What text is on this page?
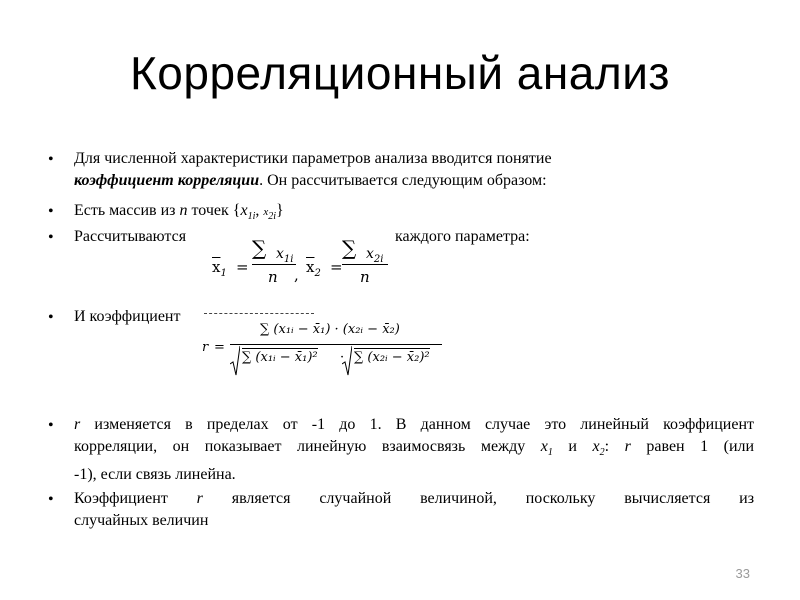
Корреляционный анализ
• Для численной характеристики параметров анализа вводится понятие
коэффициент корреляции. Он рассчитывается следующим образом:
• Есть массив из n точек {$x_{1i}$, $x_{2i}$}
• Рассчитываются	каждого параметра:
$\overline{x}_1$ =
∑ $x_{1i}$
n , $\overline{x}_2$ =
∑ $x_{2i}$
n
• И коэффициент
r =
∑ (x₁ᵢ − x̄₁) · (x₂ᵢ − x̄₂)
∑ (x₁ᵢ − x̄₁)² · ∑ (x₂ᵢ − x̄₂)²
• r изменяется в пределах от -1 до 1. В данном случае это линейный коэффициент
корреляции, он показывает линейную взаимосвязь между $x_1$ и $x_2$: r равен 1 (или
-1), если связь линейна.
• Коэффициент r является случайной величиной, поскольку вычисляется из
случайных величин
33
